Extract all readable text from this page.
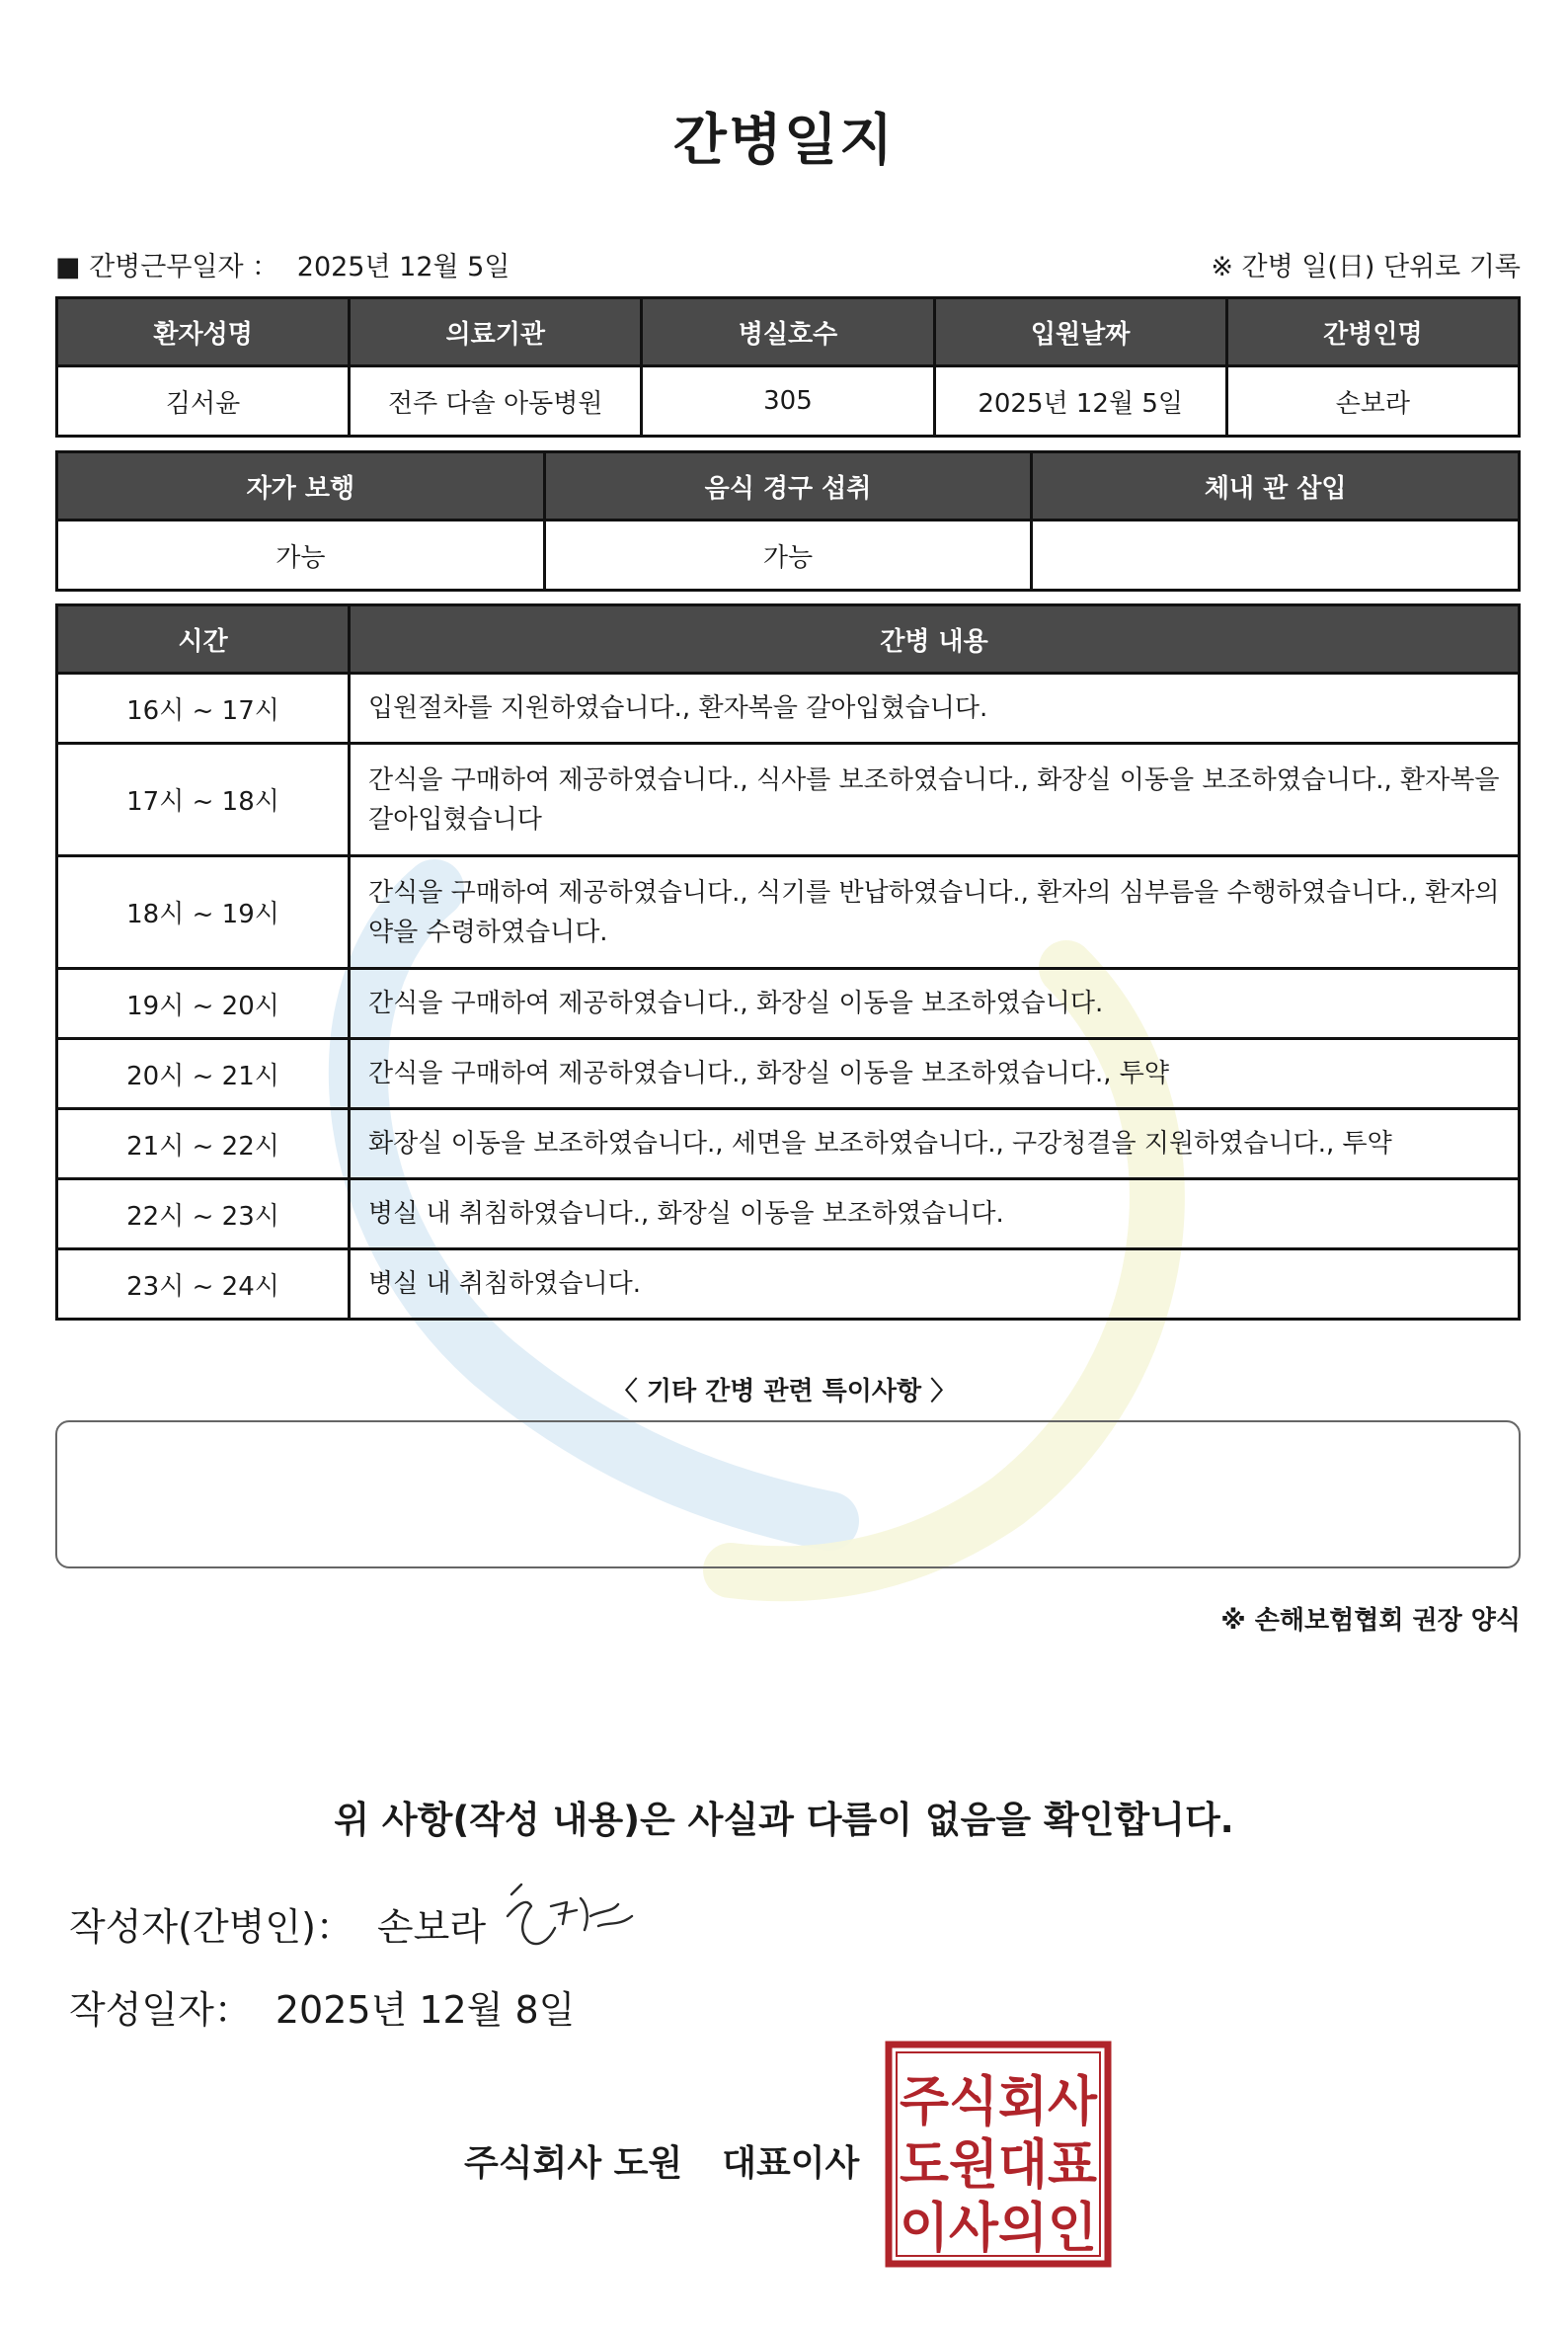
간병일지
■ 간병근무일자 ： 2025년 12월 5일	※ 간병 일(日) 단위로 기록
환자성명	의료기관	병실호수	입원날짜	간병인명
김서윤	전주 다솔 아동병원	305	2025년 12월 5일	손보라
자가 보행	음식 경구 섭취	체내 관 삽입
가능	가능	
시간	간병 내용
16시 ~ 17시	입원절차를 지원하였습니다., 환자복을 갈아입혔습니다.
17시 ~ 18시	간식을 구매하여 제공하였습니다., 식사를 보조하였습니다., 화장실 이동을 보조하였습니다., 환자복을 갈아입혔습니다
18시 ~ 19시	간식을 구매하여 제공하였습니다., 식기를 반납하였습니다., 환자의 심부름을 수행하였습니다., 환자의 약을 수령하였습니다.
19시 ~ 20시	간식을 구매하여 제공하였습니다., 화장실 이동을 보조하였습니다.
20시 ~ 21시	간식을 구매하여 제공하였습니다., 화장실 이동을 보조하였습니다., 투약
21시 ~ 22시	화장실 이동을 보조하였습니다., 세면을 보조하였습니다., 구강청결을 지원하였습니다., 투약
22시 ~ 23시	병실 내 취침하였습니다., 화장실 이동을 보조하였습니다.
23시 ~ 24시	병실 내 취침하였습니다.
〈 기타 간병 관련 특이사항 〉
※ 손해보험협회 권장 양식
위 사항(작성 내용)은 사실과 다름이 없음을 확인합니다.
작성자(간병인)： 손보라
작성일자： 2025년 12월 8일
주식회사 도원 대표이사
주식회사
도원대표
이사의인
